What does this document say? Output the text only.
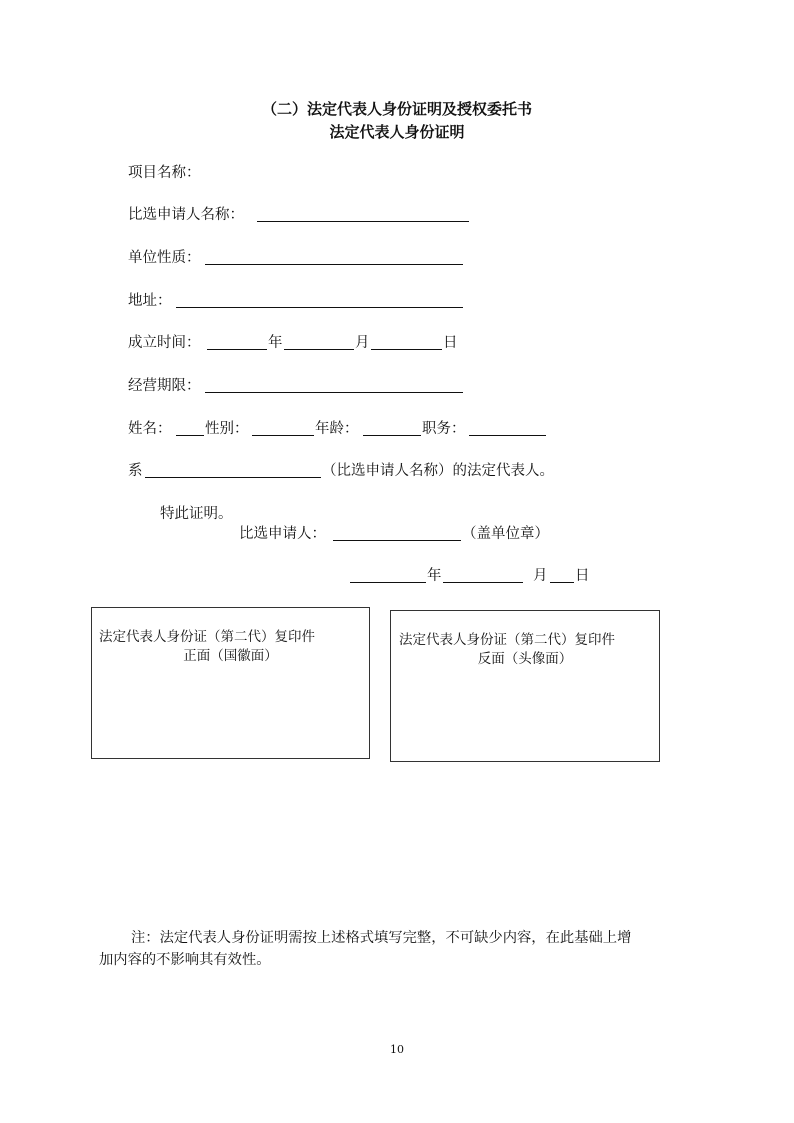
（二）法定代表人身份证明及授权委托书
法定代表人身份证明
项目名称：
比选申请人名称：
单位性质：
地址：
成立时间：	年	月	日
经营期限：
姓名： 性别：	年龄：	职务：
系	（比选申请人名称）的法定代表人。
特此证明。
比选申请人：	（盖单位章）
年	月 日
法定代表人身份证（第二代）复印件
正面（国徽面）
法定代表人身份证（第二代）复印件
反面（头像面）
注：法定代表人身份证明需按上述格式填写完整，不可缺少内容，在此基础上增
加内容的不影响其有效性。
10
